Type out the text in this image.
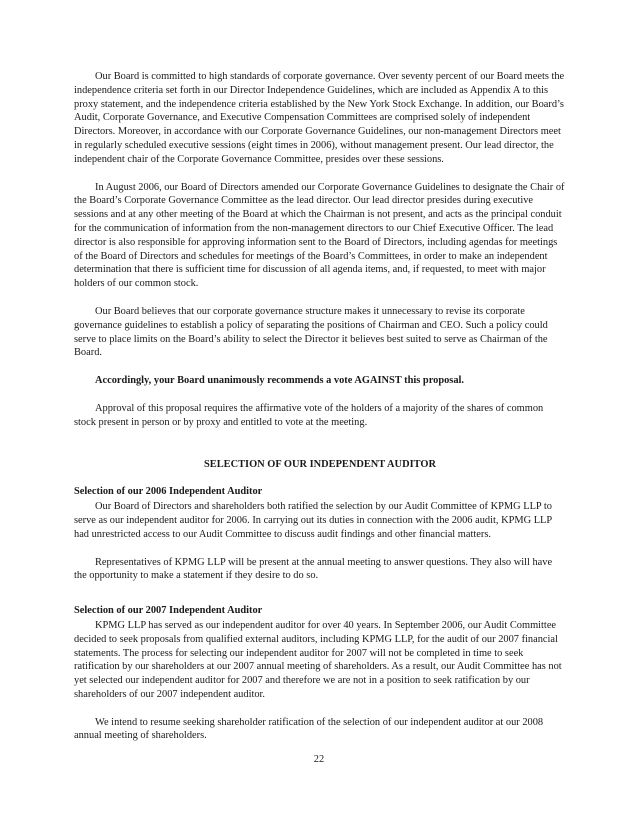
Our Board is committed to high standards of corporate governance. Over seventy percent of our Board meets the independence criteria set forth in our Director Independence Guidelines, which are included as Appendix A to this proxy statement, and the independence criteria established by the New York Stock Exchange. In addition, our Board’s Audit, Corporate Governance, and Executive Compensation Committees are comprised solely of independent Directors. Moreover, in accordance with our Corporate Governance Guidelines, our non-management Directors meet in regularly scheduled executive sessions (eight times in 2006), without management present. Our lead director, the independent chair of the Corporate Governance Committee, presides over these sessions.

In August 2006, our Board of Directors amended our Corporate Governance Guidelines to designate the Chair of the Board’s Corporate Governance Committee as the lead director. Our lead director presides during executive sessions and at any other meeting of the Board at which the Chairman is not present, and acts as the principal conduit for the communication of information from the non-management directors to our Chief Executive Officer. The lead director is also responsible for approving information sent to the Board of Directors, including agendas for meetings of the Board of Directors and schedules for meetings of the Board’s Committees, in order to make an independent determination that there is sufficient time for discussion of all agenda items, and, if requested, to meet with major holders of our common stock.

Our Board believes that our corporate governance structure makes it unnecessary to revise its corporate governance guidelines to establish a policy of separating the positions of Chairman and CEO. Such a policy could serve to place limits on the Board’s ability to select the Director it believes best suited to serve as Chairman of the Board.

Accordingly, your Board unanimously recommends a vote AGAINST this proposal.

Approval of this proposal requires the affirmative vote of the holders of a majority of the shares of common stock present in person or by proxy and entitled to vote at the meeting.

SELECTION OF OUR INDEPENDENT AUDITOR
Selection of our 2006 Independent Auditor

Our Board of Directors and shareholders both ratified the selection by our Audit Committee of KPMG LLP to serve as our independent auditor for 2006. In carrying out its duties in connection with the 2006 audit, KPMG LLP had unrestricted access to our Audit Committee to discuss audit findings and other financial matters.

Representatives of KPMG LLP will be present at the annual meeting to answer questions. They also will have the opportunity to make a statement if they desire to do so.

Selection of our 2007 Independent Auditor

KPMG LLP has served as our independent auditor for over 40 years. In September 2006, our Audit Committee decided to seek proposals from qualified external auditors, including KPMG LLP, for the audit of our 2007 financial statements. The process for selecting our independent auditor for 2007 will not be completed in time to seek ratification by our shareholders at our 2007 annual meeting of shareholders. As a result, our Audit Committee has not yet selected our independent auditor for 2007 and therefore we are not in a position to seek ratification by our shareholders of our 2007 independent auditor.

We intend to resume seeking shareholder ratification of the selection of our independent auditor at our 2008 annual meeting of shareholders.

22
